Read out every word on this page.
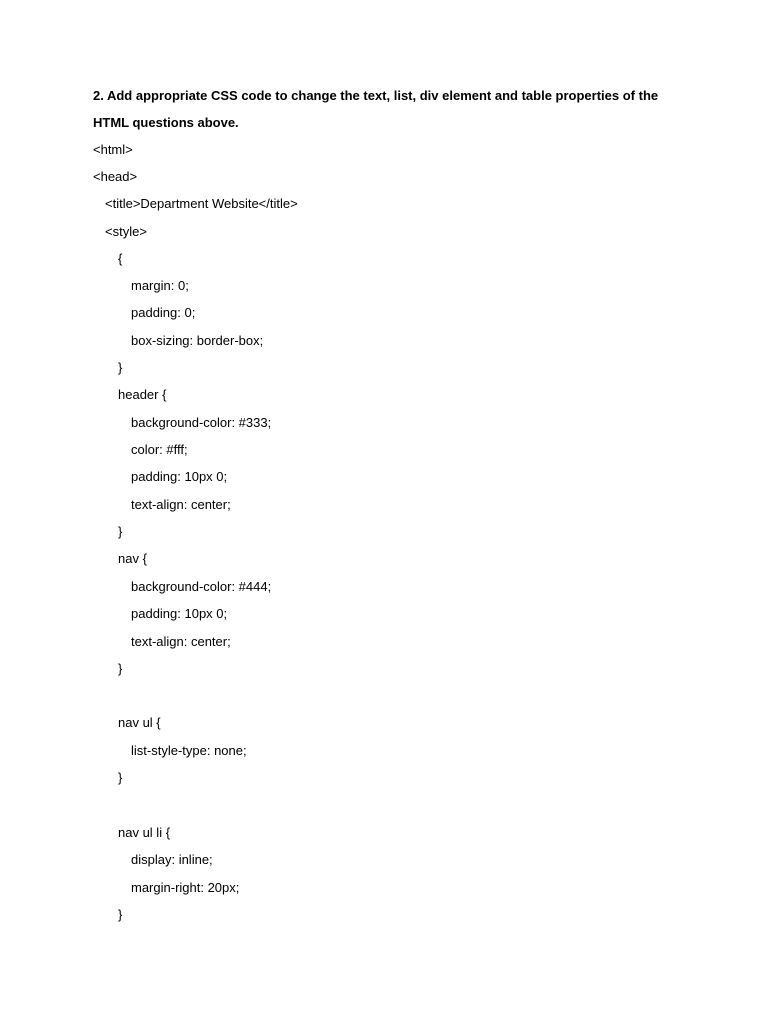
2. Add appropriate CSS code to change the text, list, div element and table properties of the
HTML questions above.
<html>
<head>
<title>Department Website</title>
<style>
{
margin: 0;
padding: 0;
box-sizing: border-box;
}
header {
background-color: #333;
color: #fff;
padding: 10px 0;
text-align: center;
}
nav {
background-color: #444;
padding: 10px 0;
text-align: center;
}
nav ul {
list-style-type: none;
}
nav ul li {
display: inline;
margin-right: 20px;
}
